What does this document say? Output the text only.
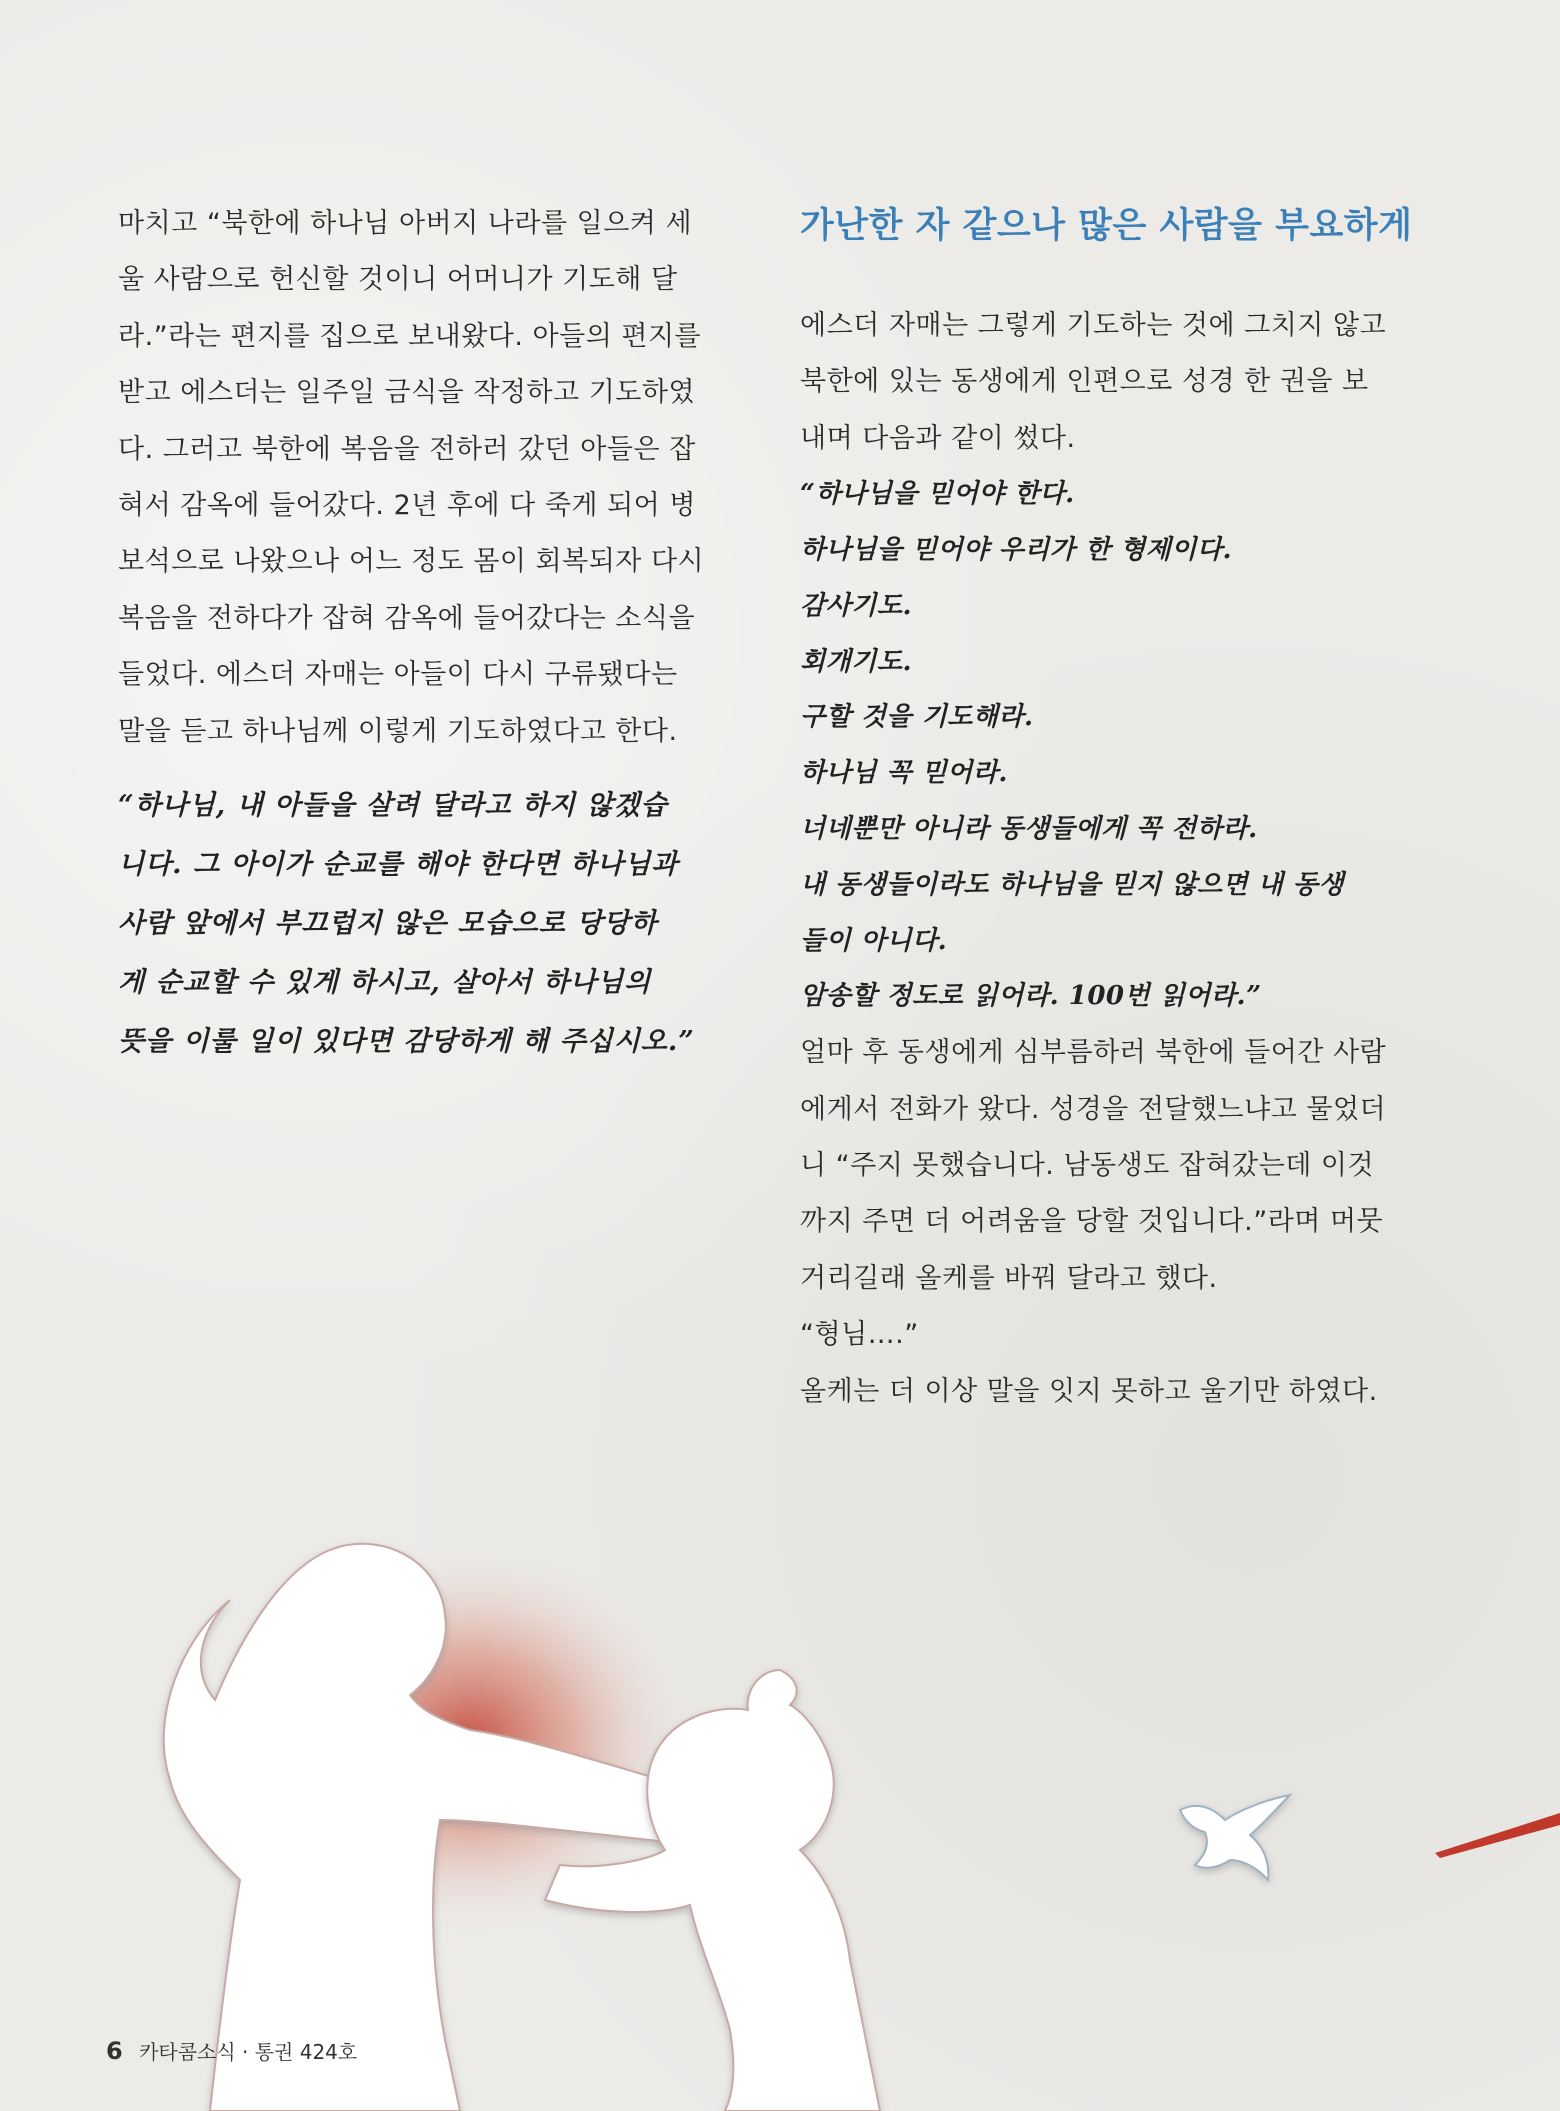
마치고 “북한에 하나님 아버지 나라를 일으켜 세

울 사람으로 헌신할 것이니 어머니가 기도해 달

라.”라는 편지를 집으로 보내왔다. 아들의 편지를

받고 에스더는 일주일 금식을 작정하고 기도하였

다. 그러고 북한에 복음을 전하러 갔던 아들은 잡

혀서 감옥에 들어갔다. 2년 후에 다 죽게 되어 병

보석으로 나왔으나 어느 정도 몸이 회복되자 다시

복음을 전하다가 잡혀 감옥에 들어갔다는 소식을

들었다. 에스더 자매는 아들이 다시 구류됐다는

말을 듣고 하나님께 이렇게 기도하였다고 한다.

“하나님, 내 아들을 살려 달라고 하지 않겠습

니다. 그 아이가 순교를 해야 한다면 하나님과

사람 앞에서 부끄럽지 않은 모습으로 당당하

게 순교할 수 있게 하시고, 살아서 하나님의

뜻을 이룰 일이 있다면 감당하게 해 주십시오.”

가난한 자 같으나 많은 사람을 부요하게

에스더 자매는 그렇게 기도하는 것에 그치지 않고

북한에 있는 동생에게 인편으로 성경 한 권을 보

내며 다음과 같이 썼다.

“하나님을 믿어야 한다.

하나님을 믿어야 우리가 한 형제이다.

감사기도.

회개기도.

구할 것을 기도해라.

하나님 꼭 믿어라.

너네뿐만 아니라 동생들에게 꼭 전하라.

내 동생들이라도 하나님을 믿지 않으면 내 동생

들이 아니다.

암송할 정도로 읽어라. 100번 읽어라.”

얼마 후 동생에게 심부름하러 북한에 들어간 사람

에게서 전화가 왔다. 성경을 전달했느냐고 물었더

니 “주지 못했습니다. 남동생도 잡혀갔는데 이것

까지 주면 더 어려움을 당할 것입니다.”라며 머뭇

거리길래 올케를 바꿔 달라고 했다.

“형님….”

올케는 더 이상 말을 잇지 못하고 울기만 하였다.

6 카타콤소식 · 통권 424호
